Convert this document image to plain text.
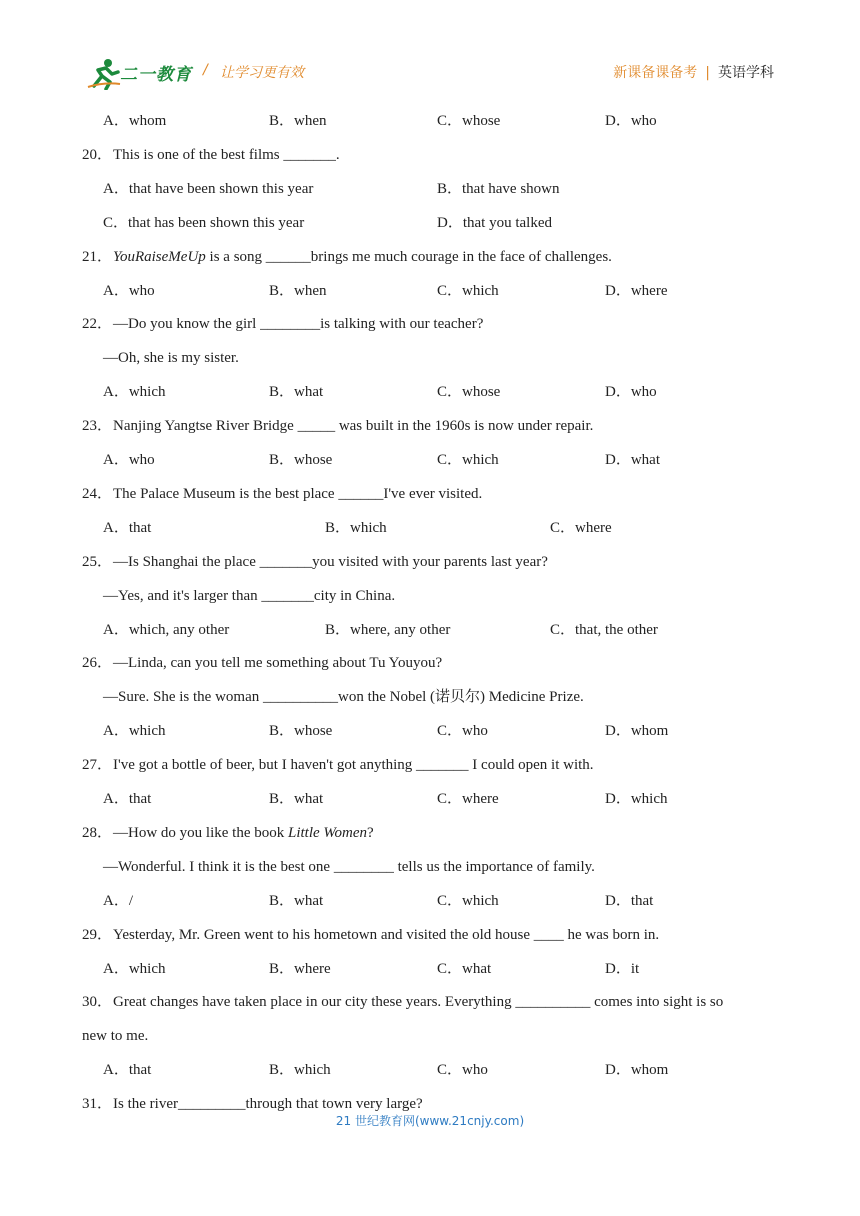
二一教育 / 让学习更有效	新课备课备考 | 英语学科
A．whom	B．when	C．whose	D．who
20． This is one of the best films _______.
A．that have been shown this year	B．that have shown
C．that has been shown this year	D．that you talked
21． YouRaiseMeUp is a song ______brings me much courage in the face of challenges.
A．who	B．when	C．which	D．where
22． —Do you know the girl ________is talking with our teacher?
—Oh, she is my sister.
A．which	B．what	C．whose	D．who
23． Nanjing Yangtse River Bridge _____ was built in the 1960s is now under repair.
A．who	B．whose	C．which	D．what
24． The Palace Museum is the best place ______I've ever visited.
A．that	B．which	C．where
25． —Is Shanghai the place _______you visited with your parents last year?
—Yes, and it's larger than _______city in China.
A．which, any other	B．where, any other	C．that, the other
26． —Linda, can you tell me something about Tu Youyou?
—Sure. She is the woman __________won the Nobel (诺贝尔) Medicine Prize.
A．which	B．whose	C．who	D．whom
27． I've got a bottle of beer, but I haven't got anything _______ I could open it with.
A．that	B．what	C．where	D．which
28． —How do you like the book Little Women?
—Wonderful. I think it is the best one ________ tells us the importance of family.
A．/	B．what	C．which	D．that
29． Yesterday, Mr. Green went to his hometown and visited the old house ____ he was born in.
A．which	B．where	C．what	D．it
30． Great changes have taken place in our city these years. Everything __________ comes into sight is so
new to me.
A．that	B．which	C．who	D．whom
31． Is the river_________through that town very large?
21 世纪教育网(www.21cnjy.com)
